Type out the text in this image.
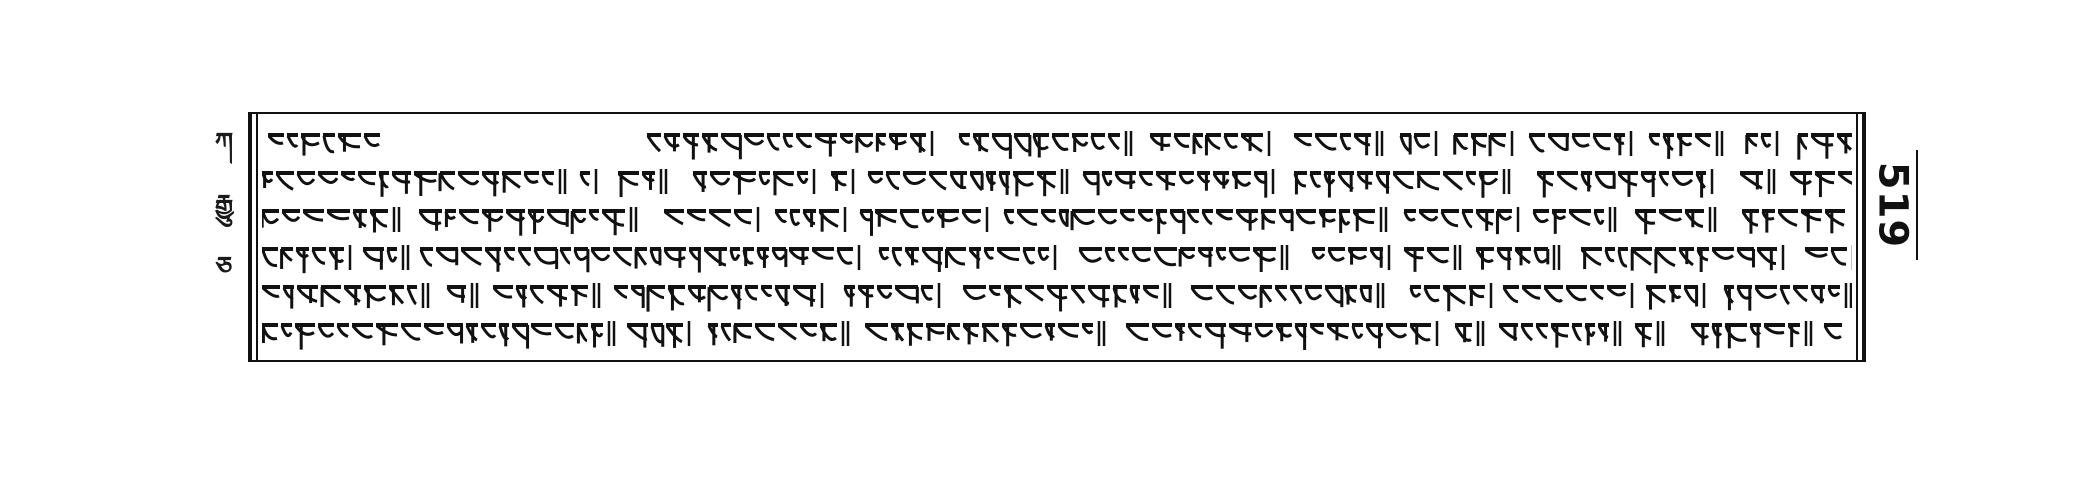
ཀ
རྒྱུ
ཅ
519
